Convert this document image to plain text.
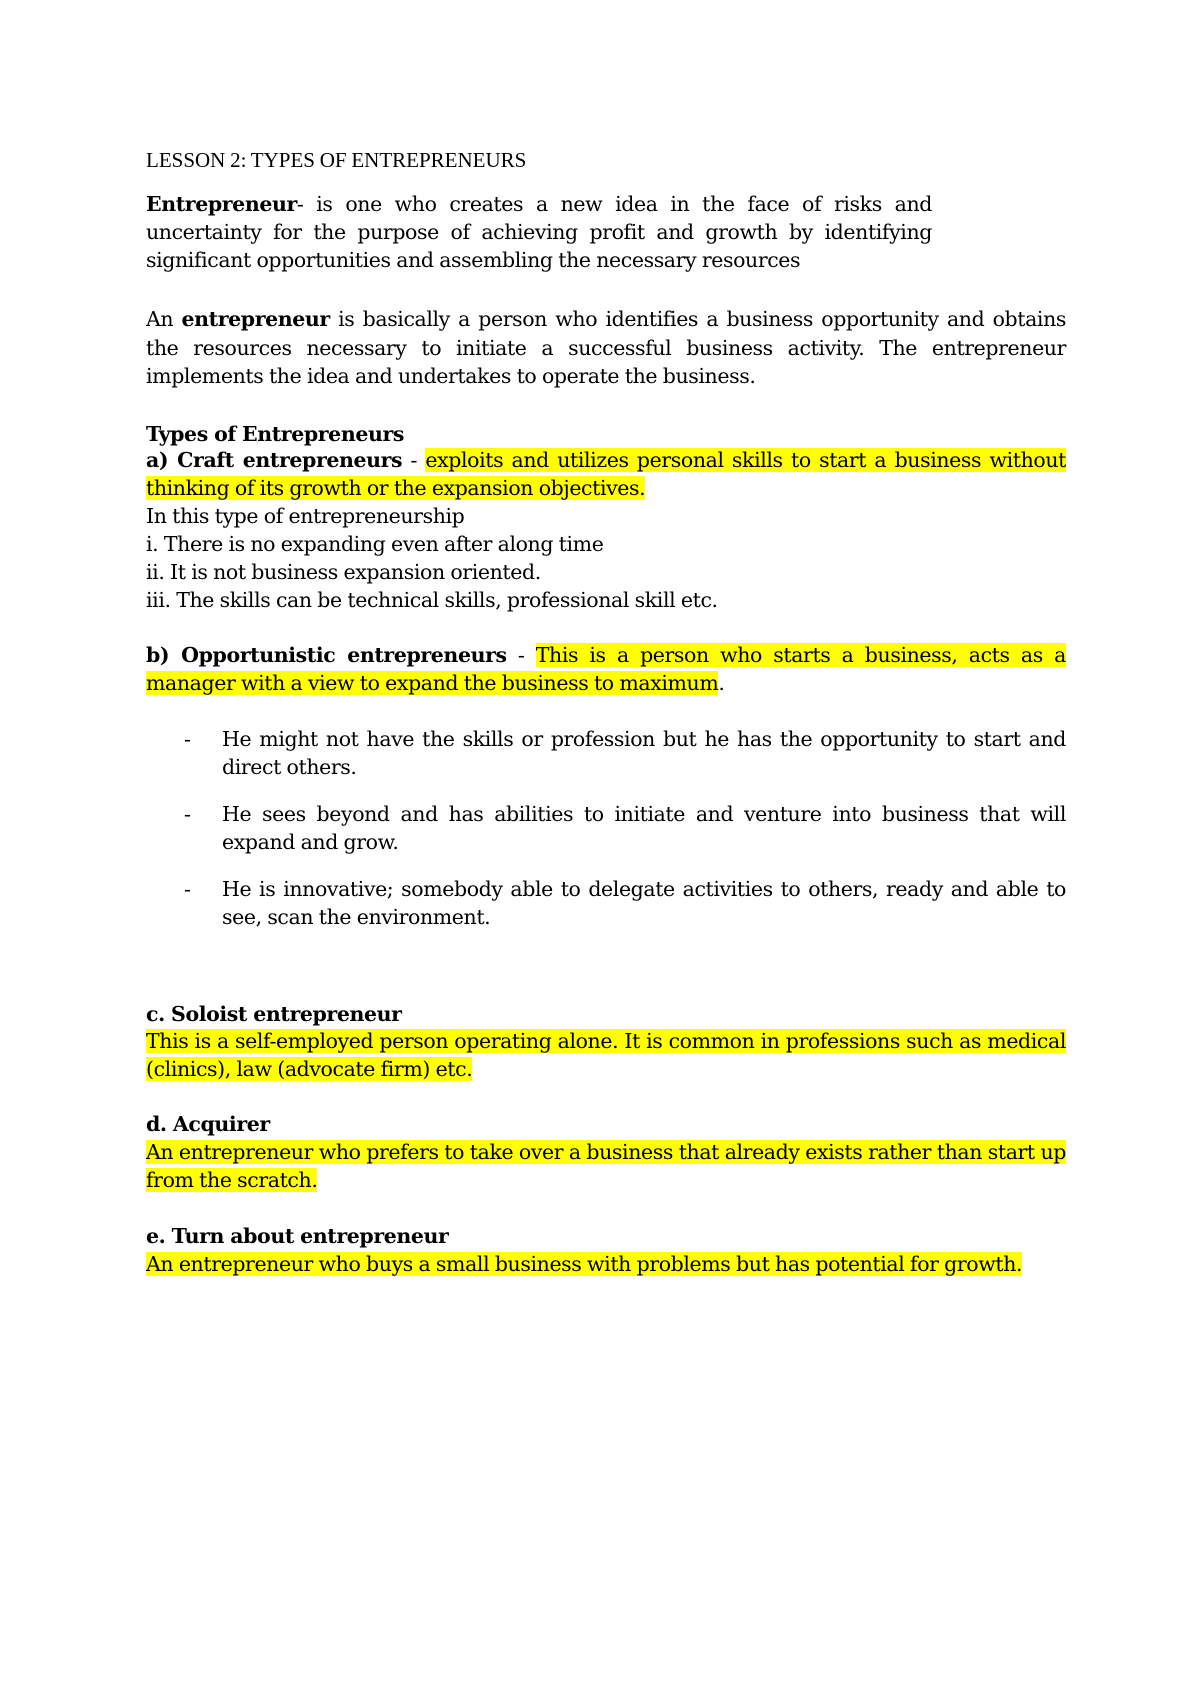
LESSON 2: TYPES OF ENTREPRENEURS
Entrepreneur- is one who creates a new idea in the face of risks and uncertainty for the purpose of achieving profit and growth by identifying significant opportunities and assembling the necessary resources
An entrepreneur is basically a person who identifies a business opportunity and obtains the resources necessary to initiate a successful business activity. The entrepreneur implements the idea and undertakes to operate the business.
Types of Entrepreneurs
a) Craft entrepreneurs - exploits and utilizes personal skills to start a business without thinking of its growth or the expansion objectives.
In this type of entrepreneurship
i. There is no expanding even after along time
ii. It is not business expansion oriented.
iii. The skills can be technical skills, professional skill etc.
b) Opportunistic entrepreneurs - This is a person who starts a business, acts as a manager with a view to expand the business to maximum.
- He might not have the skills or profession but he has the opportunity to start and direct others.
- He sees beyond and has abilities to initiate and venture into business that will expand and grow.
- He is innovative; somebody able to delegate activities to others, ready and able to see, scan the environment.
c. Soloist entrepreneur
This is a self-employed person operating alone. It is common in professions such as medical (clinics), law (advocate firm) etc.
d. Acquirer
An entrepreneur who prefers to take over a business that already exists rather than start up from the scratch.
e. Turn about entrepreneur
An entrepreneur who buys a small business with problems but has potential for growth.
